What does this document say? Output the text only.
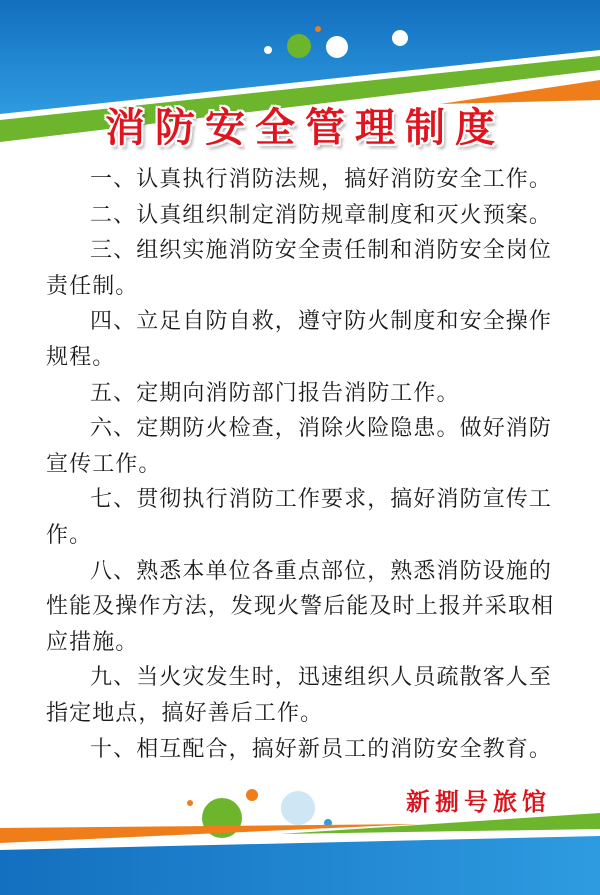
消防安全管理制度

一、认真执行消防法规，搞好消防安全工作。

二、认真组织制定消防规章制度和灭火预案。

三、组织实施消防安全责任制和消防安全岗位责任制。

四、立足自防自救，遵守防火制度和安全操作规程。

五、定期向消防部门报告消防工作。

六、定期防火检查，消除火险隐患。做好消防宣传工作。

七、贯彻执行消防工作要求，搞好消防宣传工作。

八、熟悉本单位各重点部位，熟悉消防设施的性能及操作方法，发现火警后能及时上报并采取相应措施。

九、当火灾发生时，迅速组织人员疏散客人至指定地点，搞好善后工作。

十、相互配合，搞好新员工的消防安全教育。

新捌号旅馆
